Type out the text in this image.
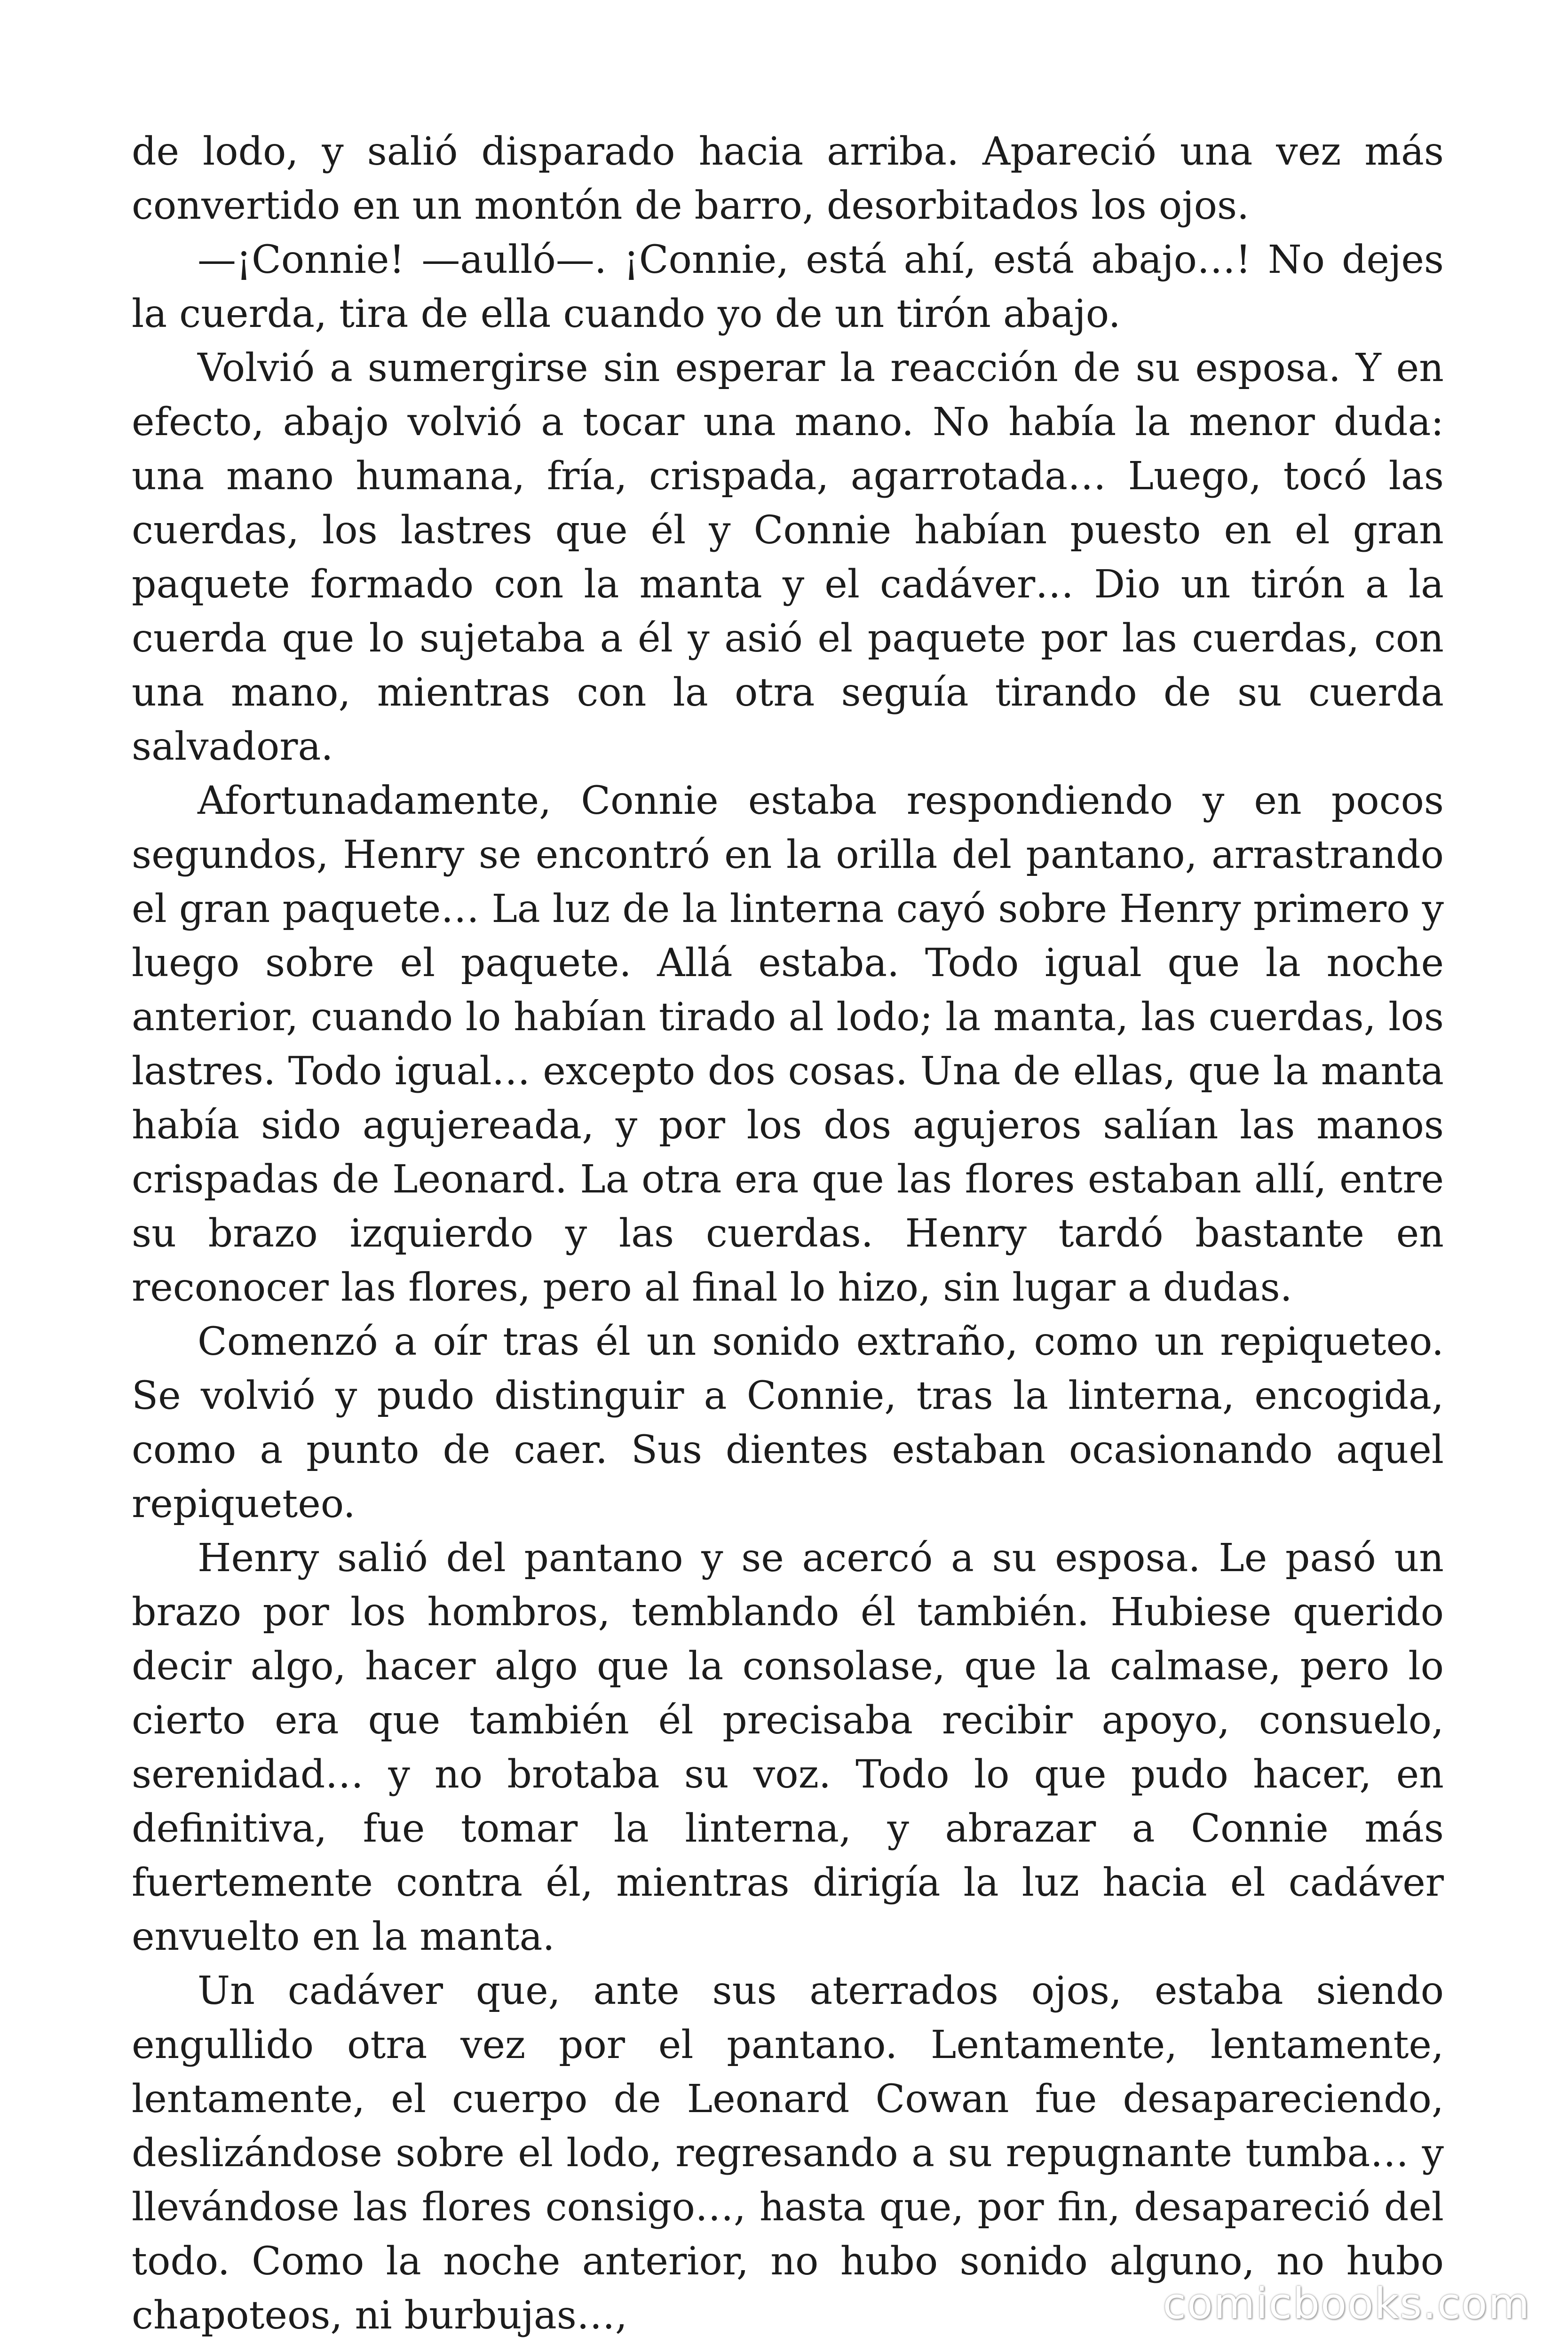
de lodo, y salió disparado hacia arriba. Apareció una vez más convertido en un montón de barro, desorbitados los ojos.

—¡Connie! —aulló—. ¡Connie, está ahí, está abajo…! No dejes la cuerda, tira de ella cuando yo de un tirón abajo.

Volvió a sumergirse sin esperar la reacción de su esposa. Y en efecto, abajo volvió a tocar una mano. No había la menor duda: una mano humana, fría, crispada, agarrotada… Luego, tocó las cuerdas, los lastres que él y Connie habían puesto en el gran paquete formado con la manta y el cadáver… Dio un tirón a la cuerda que lo sujetaba a él y asió el paquete por las cuerdas, con una mano, mientras con la otra seguía tirando de su cuerda salvadora.

Afortunadamente, Connie estaba respondiendo y en pocos segundos, Henry se encontró en la orilla del pantano, arrastrando el gran paquete… La luz de la linterna cayó sobre Henry primero y luego sobre el paquete. Allá estaba. Todo igual que la noche anterior, cuando lo habían tirado al lodo; la manta, las cuerdas, los lastres. Todo igual… excepto dos cosas. Una de ellas, que la manta había sido agujereada, y por los dos agujeros salían las manos crispadas de Leonard. La otra era que las flores estaban allí, entre su brazo izquierdo y las cuerdas. Henry tardó bastante en reconocer las flores, pero al final lo hizo, sin lugar a dudas.

Comenzó a oír tras él un sonido extraño, como un repiqueteo. Se volvió y pudo distinguir a Connie, tras la linterna, encogida, como a punto de caer. Sus dientes estaban ocasionando aquel repiqueteo.

Henry salió del pantano y se acercó a su esposa. Le pasó un brazo por los hombros, temblando él también. Hubiese querido decir algo, hacer algo que la consolase, que la calmase, pero lo cierto era que también él precisaba recibir apoyo, consuelo, serenidad… y no brotaba su voz. Todo lo que pudo hacer, en definitiva, fue tomar la linterna, y abrazar a Connie más fuertemente contra él, mientras dirigía la luz hacia el cadáver envuelto en la manta.

Un cadáver que, ante sus aterrados ojos, estaba siendo engullido otra vez por el pantano. Lentamente, lentamente, lentamente, el cuerpo de Leonard Cowan fue desapareciendo, deslizándose sobre el lodo, regresando a su repugnante tumba… y llevándose las flores consigo…, hasta que, por fin, desapareció del todo. Como la noche anterior, no hubo sonido alguno, no hubo chapoteos, ni burbujas…,	comicbooks.com
